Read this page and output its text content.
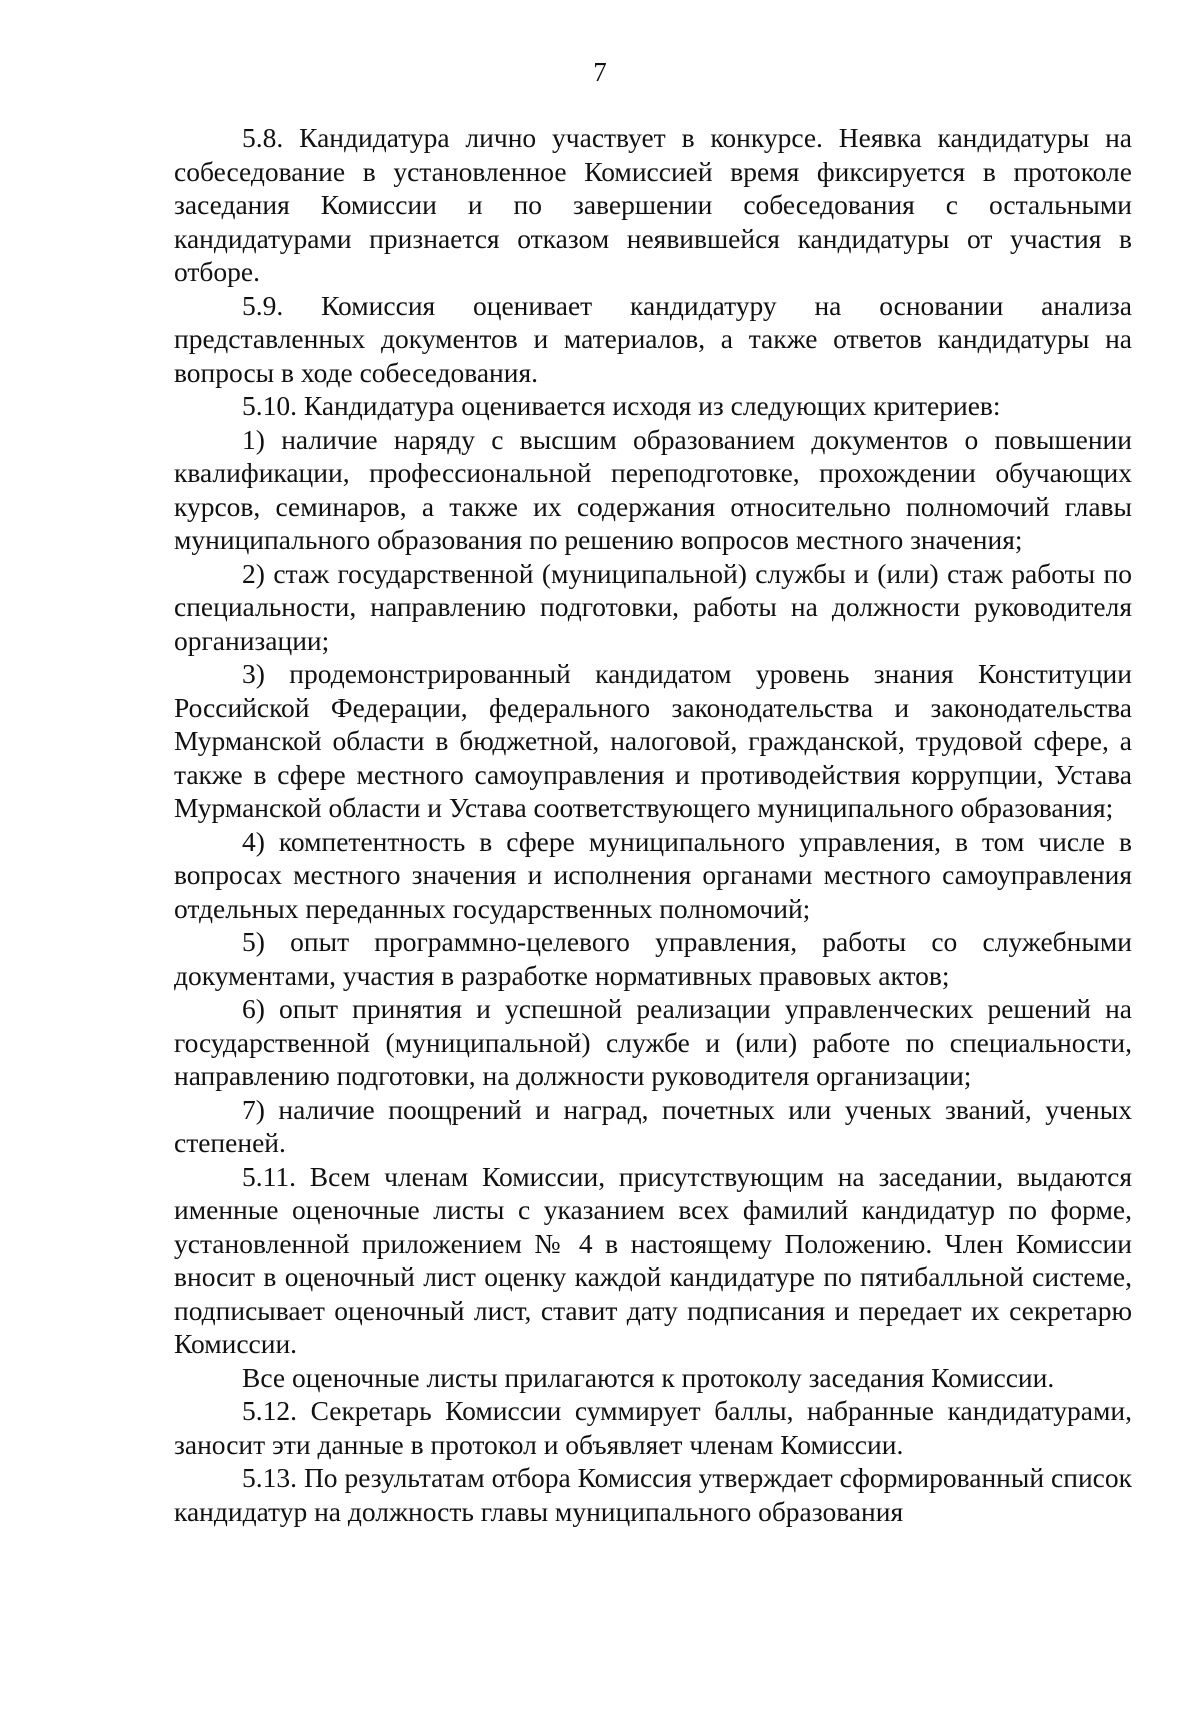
7

5.8. Кандидатура лично участвует в конкурсе. Неявка кандидатуры на собеседование в установленное Комиссией время фиксируется в протоколе заседания Комиссии и по завершении собеседования с остальными кандидатурами признается отказом неявившейся кандидатуры от участия в отборе.

5.9. Комиссия оценивает кандидатуру на основании анализа представленных документов и материалов, а также ответов кандидатуры на вопросы в ходе собеседования.

5.10. Кандидатура оценивается исходя из следующих критериев:

1) наличие наряду с высшим образованием документов о повышении квалификации, профессиональной переподготовке, прохождении обучающих курсов, семинаров, а также их содержания относительно полномочий главы муниципального образования по решению вопросов местного значения;

2) стаж государственной (муниципальной) службы и (или) стаж работы по специальности, направлению подготовки, работы на должности руководителя организации;

3) продемонстрированный кандидатом уровень знания Конституции Российской Федерации, федерального законодательства и законодательства Мурманской области в бюджетной, налоговой, гражданской, трудовой сфере, а также в сфере местного самоуправления и противодействия коррупции, Устава Мурманской области и Устава соответствующего муниципального образования;

4) компетентность в сфере муниципального управления, в том числе в вопросах местного значения и исполнения органами местного самоуправления отдельных переданных государственных полномочий;

5) опыт программно-целевого управления, работы со служебными документами, участия в разработке нормативных правовых актов;

6) опыт принятия и успешной реализации управленческих решений на государственной (муниципальной) службе и (или) работе по специальности, направлению подготовки, на должности руководителя организации;

7) наличие поощрений и наград, почетных или ученых званий, ученых степеней.

5.11. Всем членам Комиссии, присутствующим на заседании, выдаются именные оценочные листы с указанием всех фамилий кандидатур по форме, установленной приложением № 4 в настоящему Положению. Член Комиссии вносит в оценочный лист оценку каждой кандидатуре по пятибалльной системе, подписывает оценочный лист, ставит дату подписания и передает их секретарю Комиссии.

Все оценочные листы прилагаются к протоколу заседания Комиссии.

5.12. Секретарь Комиссии суммирует баллы, набранные кандидатурами, заносит эти данные в протокол и объявляет членам Комиссии.

5.13. По результатам отбора Комиссия утверждает сформированный список кандидатур на должность главы муниципального образования
